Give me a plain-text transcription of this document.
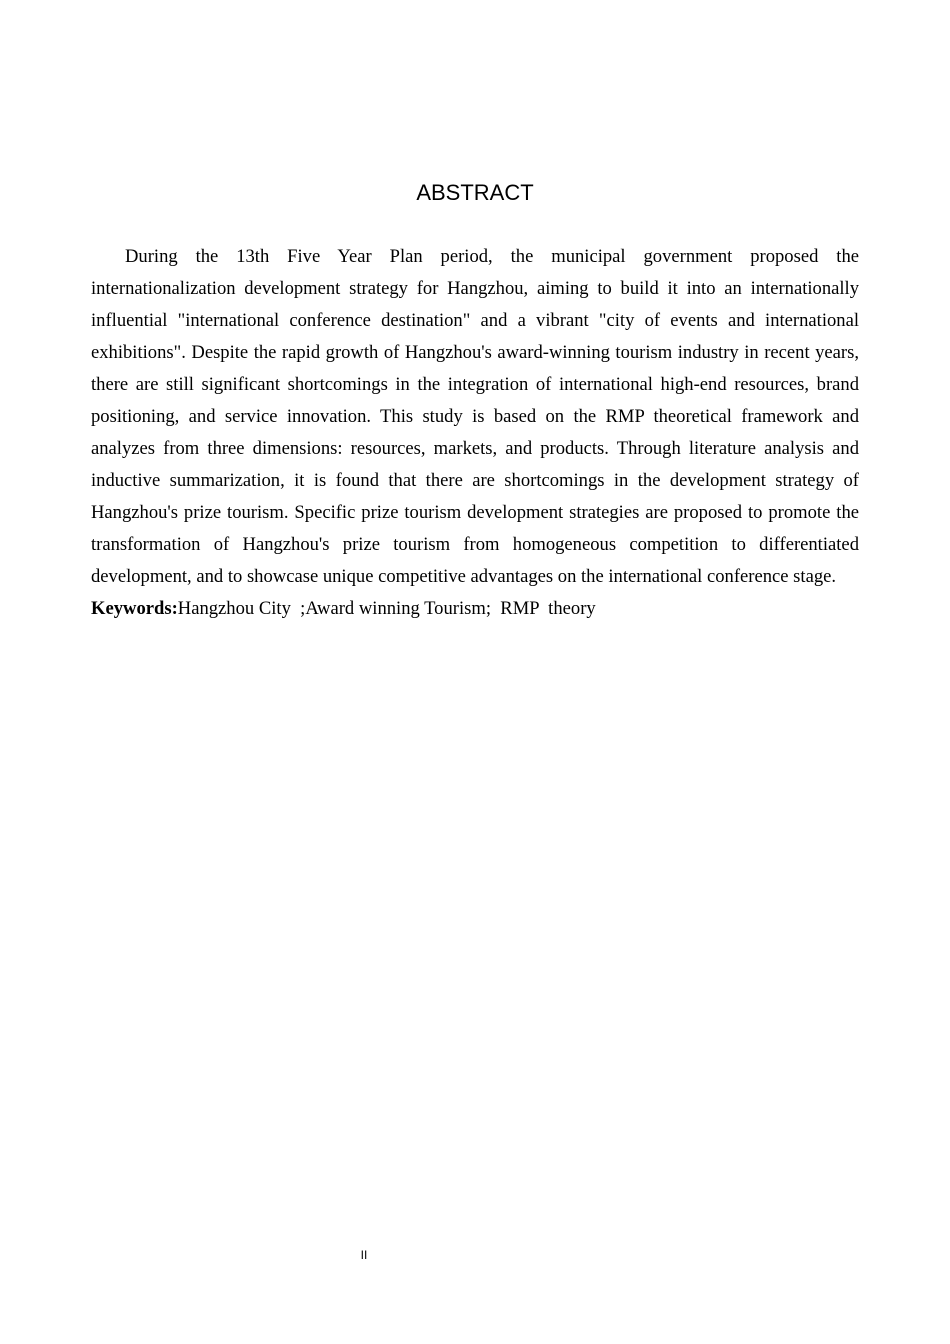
ABSTRACT

During the 13th Five Year Plan period, the municipal government proposed the internationalization development strategy for Hangzhou, aiming to build it into an internationally influential "international conference destination" and a vibrant "city of events and international exhibitions". Despite the rapid growth of Hangzhou's award-winning tourism industry in recent years, there are still significant shortcomings in the integration of international high-end resources, brand positioning, and service innovation. This study is based on the RMP theoretical framework and analyzes from three dimensions: resources, markets, and products. Through literature analysis and inductive summarization, it is found that there are shortcomings in the development strategy of Hangzhou's prize tourism. Specific prize tourism development strategies are proposed to promote the transformation of Hangzhou's prize tourism from homogeneous competition to differentiated development, and to showcase unique competitive advantages on the international conference stage.

Keywords:Hangzhou City  ;Award winning Tourism;  RMP  theory

II
